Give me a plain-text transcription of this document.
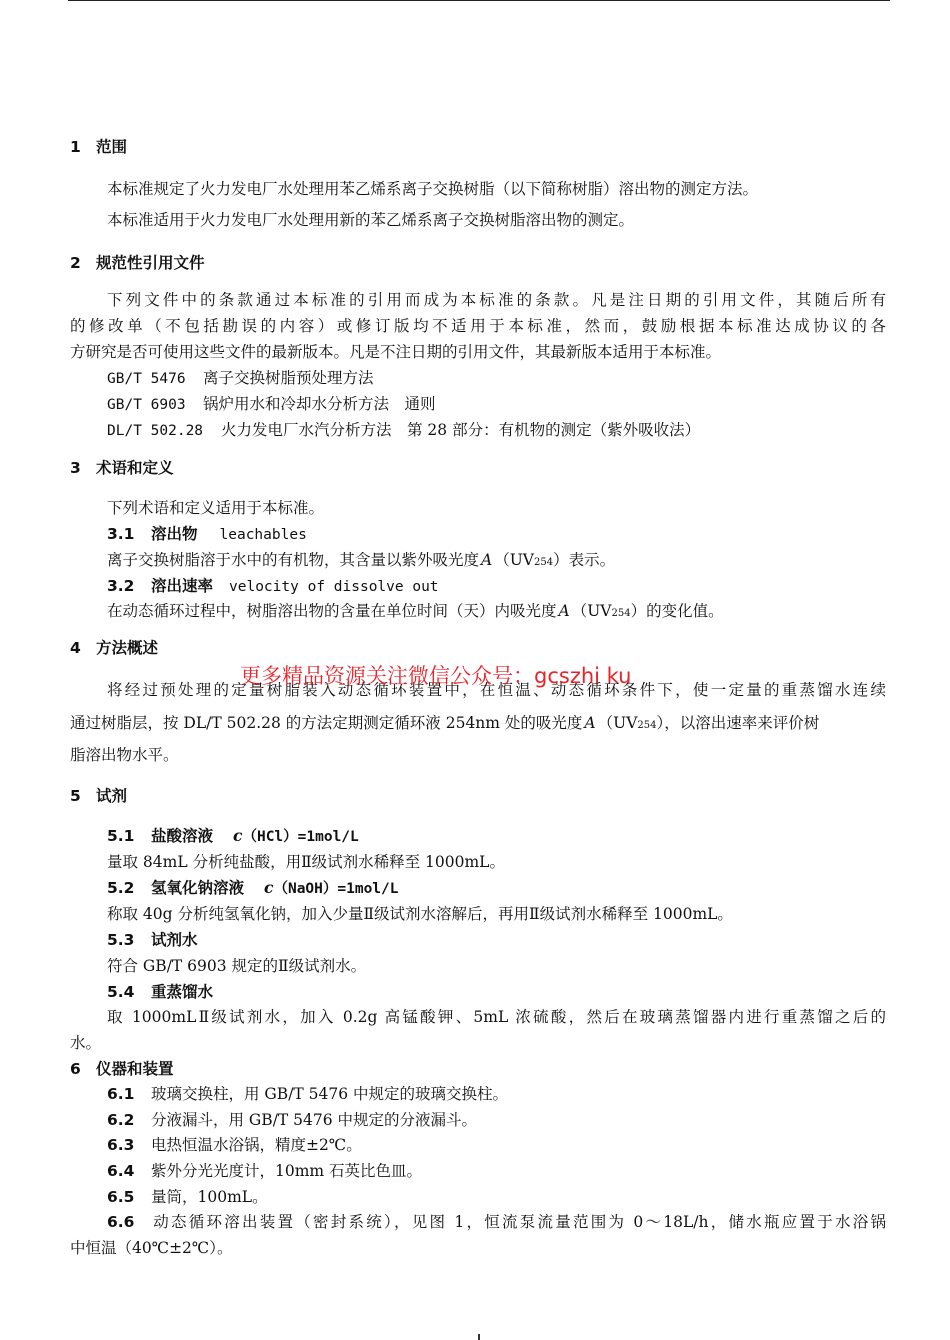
1 范围
本标准规定了火力发电厂水处理用苯乙烯系离子交换树脂（以下简称树脂）溶出物的测定方法。
本标准适用于火力发电厂水处理用新的苯乙烯系离子交换树脂溶出物的测定。
2 规范性引用文件
下列文件中的条款通过本标准的引用而成为本标准的条款。凡是注日期的引用文件，其随后所有
的修改单（不包括勘误的内容）或修订版均不适用于本标准，然而，鼓励根据本标准达成协议的各
方研究是否可使用这些文件的最新版本。凡是不注日期的引用文件，其最新版本适用于本标准。
GB/T 5476 离子交换树脂预处理方法
GB/T 6903 锅炉用水和冷却水分析方法　通则
DL/T 502.28 火力发电厂水汽分析方法　第 28 部分：有机物的测定（紫外吸收法）
3 术语和定义
下列术语和定义适用于本标准。
3.1 溶出物 leachables
离子交换树脂溶于水中的有机物，其含量以紫外吸光度 A （UV254）表示。
3.2 溶出速率 velocity of dissolve out
在动态循环过程中，树脂溶出物的含量在单位时间（天）内吸光度 A （UV254）的变化值。
4 方法概述
将经过预处理的定量树脂装入动态循环装置中，在恒温、动态循环条件下，使一定量的重蒸馏水连续
通过树脂层，按 DL/T 502.28 的方法定期测定循环液 254nm 处的吸光度 A （UV254），以溶出速率来评价树
脂溶出物水平。
更多精品资源关注微信公众号：gcszhi ku
5 试剂
5.1 盐酸溶液 c（HCl）=1mol/L
量取 84mL 分析纯盐酸，用Ⅱ级试剂水稀释至 1000mL。
5.2 氢氧化钠溶液 c（NaOH）=1mol/L
称取 40g 分析纯氢氧化钠，加入少量Ⅱ级试剂水溶解后，再用Ⅱ级试剂水稀释至 1000mL。
5.3 试剂水
符合 GB/T 6903 规定的Ⅱ级试剂水。
5.4 重蒸馏水
取 1000mLⅡ级试剂水，加入 0.2g 高锰酸钾、5mL 浓硫酸，然后在玻璃蒸馏器内进行重蒸馏之后的
水。
6 仪器和装置
6.1 玻璃交换柱，用 GB/T 5476 中规定的玻璃交换柱。
6.2 分液漏斗，用 GB/T 5476 中规定的分液漏斗。
6.3 电热恒温水浴锅，精度±2℃。
6.4 紫外分光光度计，10mm 石英比色皿。
6.5 量筒，100mL。
6.6 动态循环溶出装置（密封系统），见图 1，恒流泵流量范围为 0～18L/h，储水瓶应置于水浴锅
中恒温（40℃±2℃）。
